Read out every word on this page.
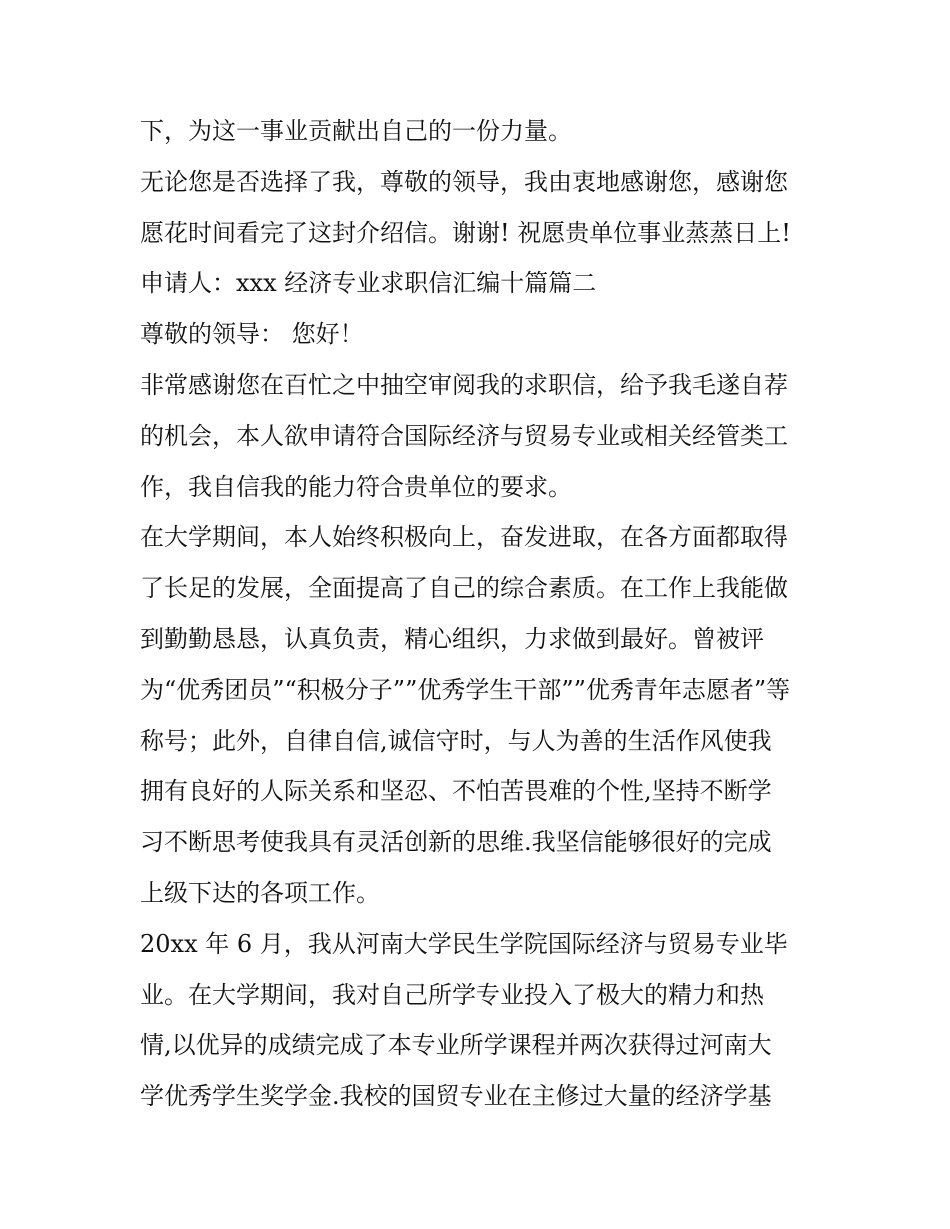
下，为这一事业贡献出自己的一份力量。
无论您是否选择了我，尊敬的领导，我由衷地感谢您，感谢您
愿花时间看完了这封介绍信。谢谢! 祝愿贵单位事业蒸蒸日上!
申请人：xxx 经济专业求职信汇编十篇篇二
尊敬的领导： 您好！
非常感谢您在百忙之中抽空审阅我的求职信，给予我毛遂自荐
的机会，本人欲申请符合国际经济与贸易专业或相关经管类工
作，我自信我的能力符合贵单位的要求。
在大学期间，本人始终积极向上，奋发进取，在各方面都取得
了长足的发展，全面提高了自己的综合素质。在工作上我能做
到勤勤恳恳，认真负责，精心组织，力求做到最好。曾被评
为“优秀团员”“积极分子””优秀学生干部””优秀青年志愿者”等
称号；此外，自律自信,诚信守时，与人为善的生活作风使我
拥有良好的人际关系和坚忍、不怕苦畏难的个性,坚持不断学
习不断思考使我具有灵活创新的思维.我坚信能够很好的完成
上级下达的各项工作。
20xx 年 6 月，我从河南大学民生学院国际经济与贸易专业毕
业。在大学期间，我对自己所学专业投入了极大的精力和热
情,以优异的成绩完成了本专业所学课程并两次获得过河南大
学优秀学生奖学金.我校的国贸专业在主修过大量的经济学基
